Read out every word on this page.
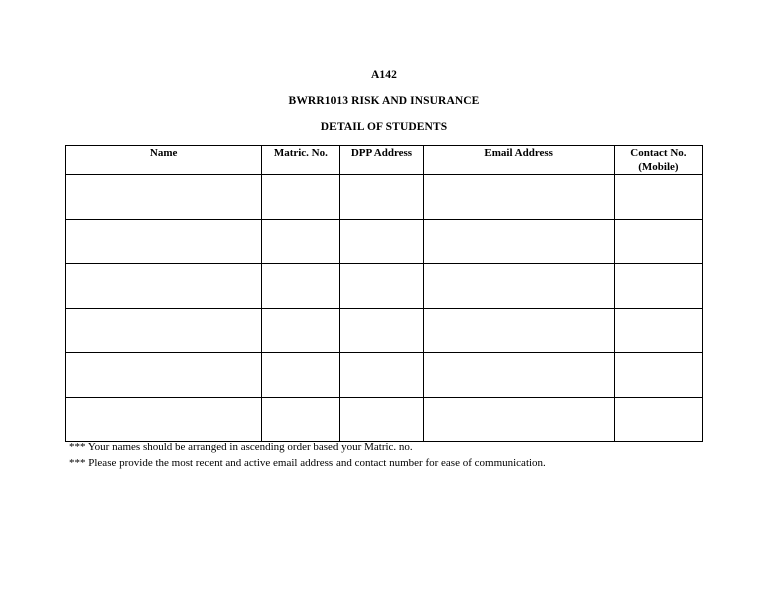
A142
BWRR1013 RISK AND INSURANCE
DETAIL OF STUDENTS
Name	Matric. No.	DPP Address	Email Address	Contact No.
(Mobile)

*** Your names should be arranged in ascending order based your Matric. no.
*** Please provide the most recent and active email address and contact number for ease of communication.
